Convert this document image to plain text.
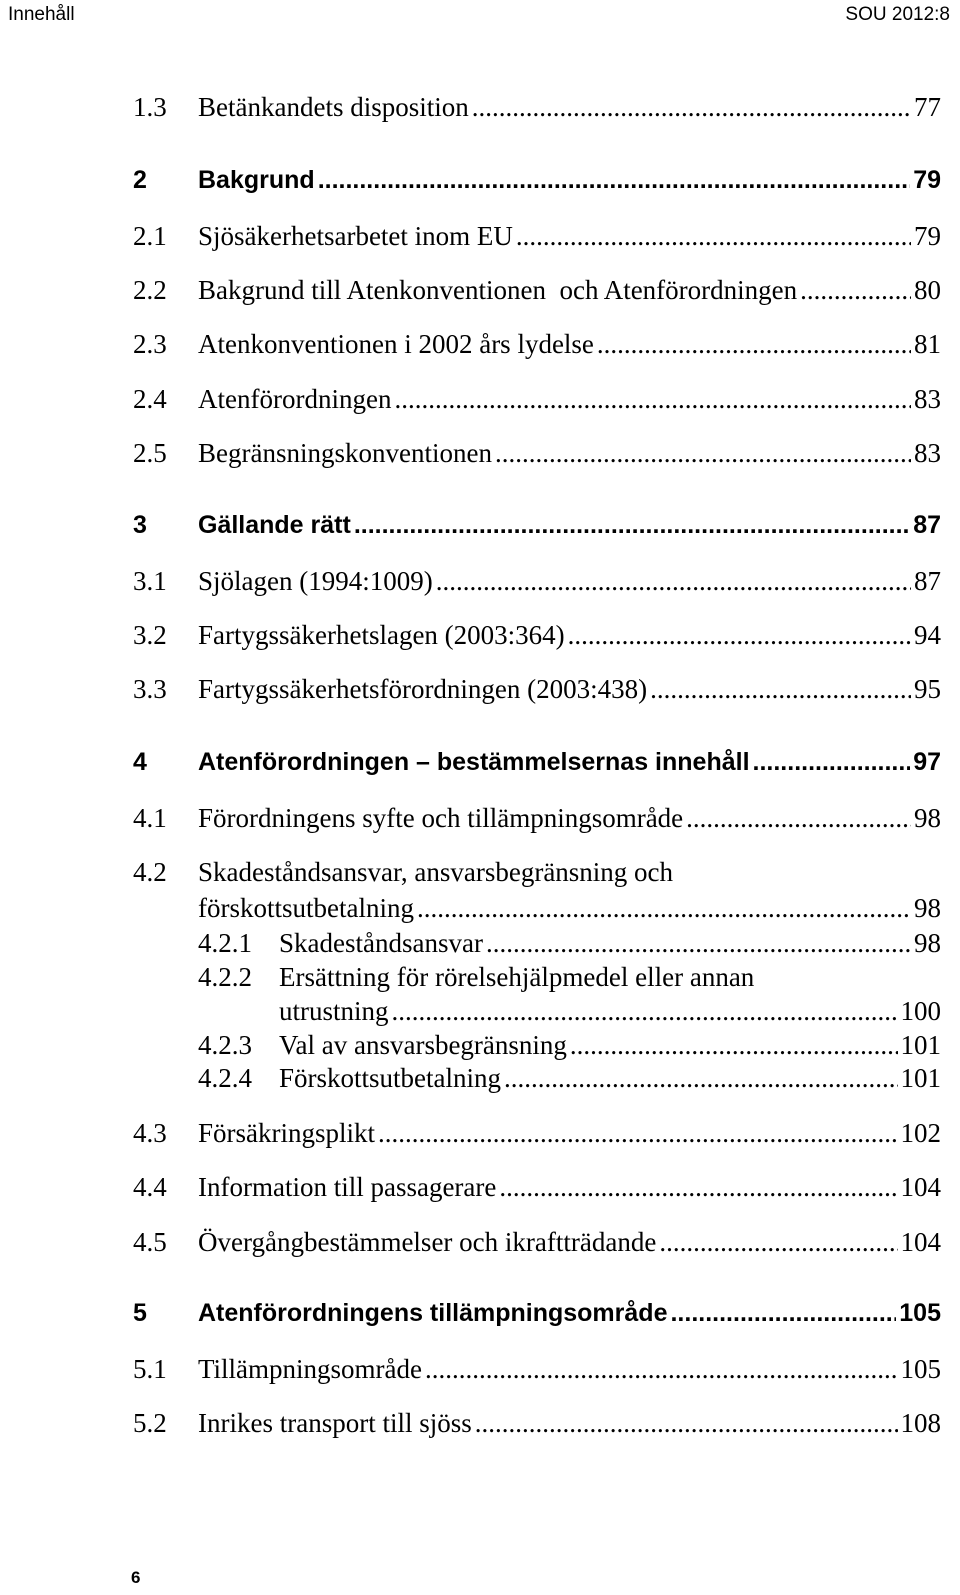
Innehåll	SOU 2012:8
1.3 Betänkandets disposition .....	77
2 Bakgrund .....	79
2.1 Sjösäkerhetsarbetet inom EU .....	79
2.2 Bakgrund till Atenkonventionen  och Atenförordningen .....	80
2.3 Atenkonventionen i 2002 års lydelse .....	81
2.4 Atenförordningen .....	83
2.5 Begränsningskonventionen .....	83
3 Gällande rätt .....	87
3.1 Sjölagen (1994:1009) .....	87
3.2 Fartygssäkerhetslagen (2003:364) .....	94
3.3 Fartygssäkerhetsförordningen (2003:438) .....	95
4 Atenförordningen – bestämmelsernas innehåll .....	97
4.1 Förordningens syfte och tillämpningsområde .....	98
4.2 Skadeståndsansvar, ansvarsbegränsning och
förskottsutbetalning .....	98
4.2.1 Skadeståndsansvar .....	98
4.2.2 Ersättning för rörelsehjälpmedel eller annan
utrustning .....	100
4.2.3 Val av ansvarsbegränsning .....	101
4.2.4 Förskottsutbetalning .....	101
4.3 Försäkringsplikt .....	102
4.4 Information till passagerare .....	104
4.5 Övergångbestämmelser och ikraftträdande .....	104
5 Atenförordningens tillämpningsområde .....	105
5.1 Tillämpningsområde .....	105
5.2 Inrikes transport till sjöss .....	108
6
